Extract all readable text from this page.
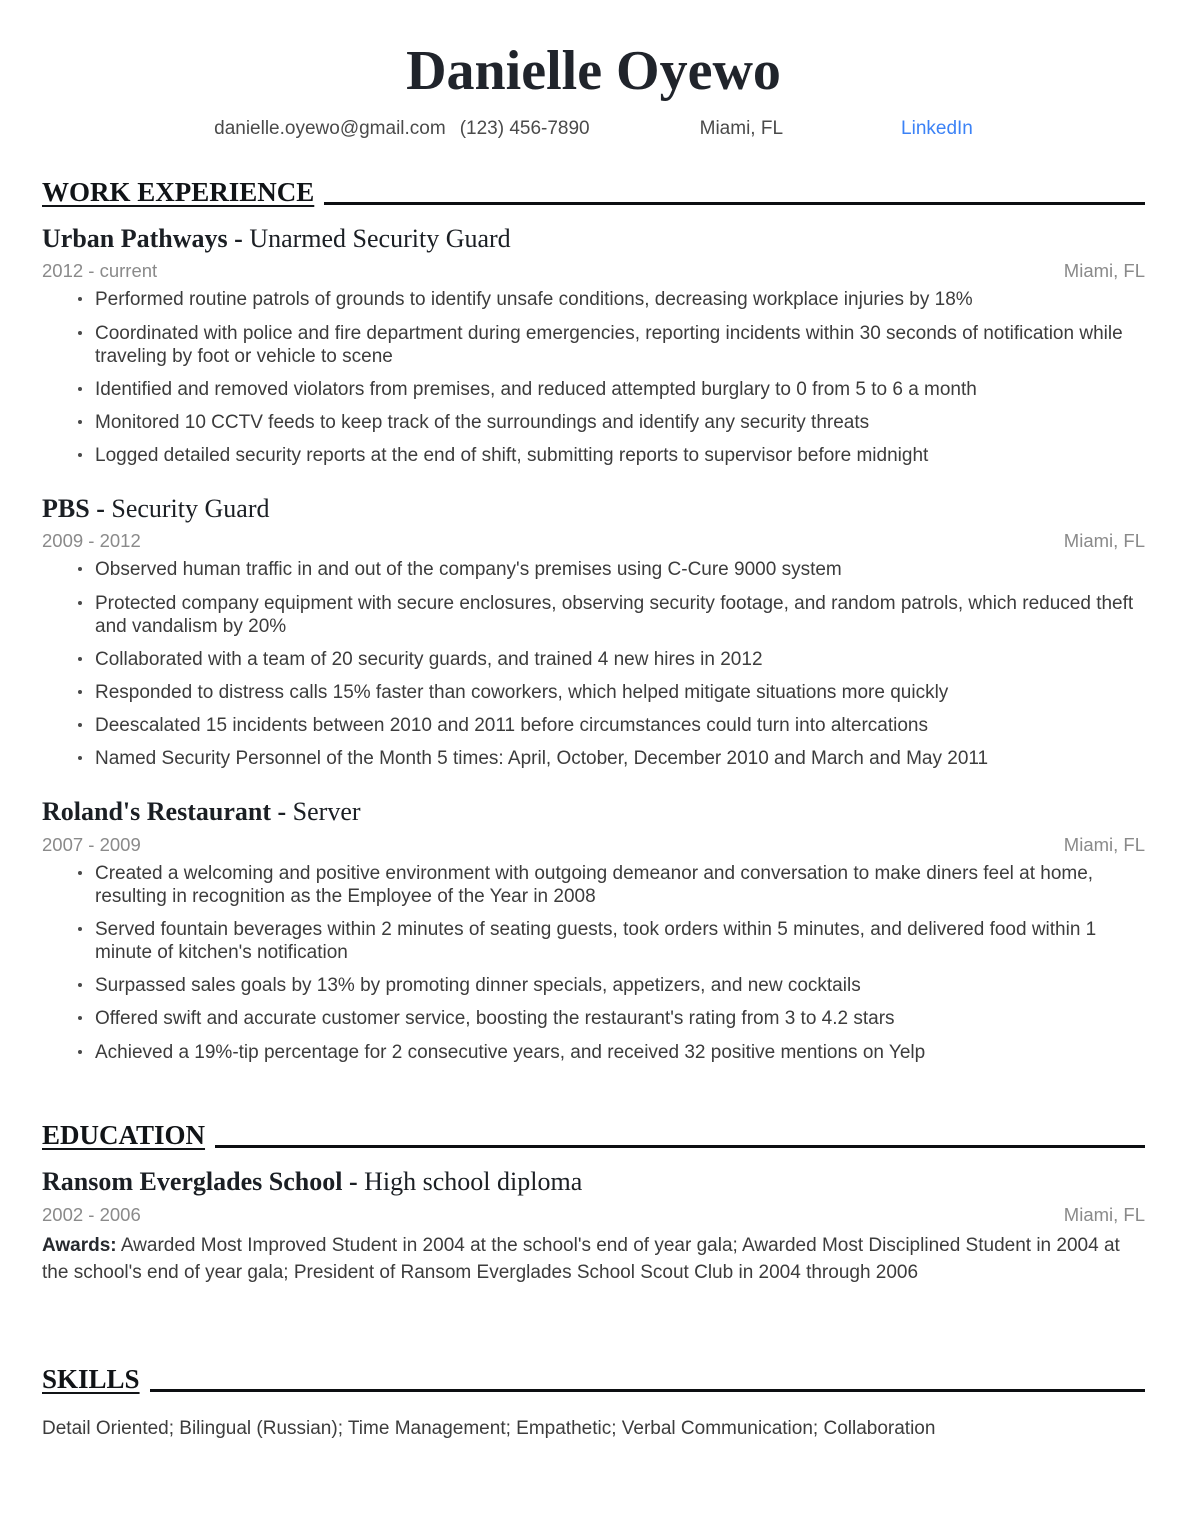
Danielle Oyewo
danielle.oyewo@gmail.com (123) 456-7890	Miami, FL	LinkedIn
WORK EXPERIENCE

Urban Pathways - Unarmed Security Guard

2012 - current	Miami, FL
Performed routine patrols of grounds to identify unsafe conditions, decreasing workplace injuries by 18%
Coordinated with police and fire department during emergencies, reporting incidents within 30 seconds of notification while traveling by foot or vehicle to scene
Identified and removed violators from premises, and reduced attempted burglary to 0 from 5 to 6 a month
Monitored 10 CCTV feeds to keep track of the surroundings and identify any security threats
Logged detailed security reports at the end of shift, submitting reports to supervisor before midnight

PBS - Security Guard

2009 - 2012	Miami, FL
Observed human traffic in and out of the company's premises using C-Cure 9000 system
Protected company equipment with secure enclosures, observing security footage, and random patrols, which reduced theft and vandalism by 20%
Collaborated with a team of 20 security guards, and trained 4 new hires in 2012
Responded to distress calls 15% faster than coworkers, which helped mitigate situations more quickly
Deescalated 15 incidents between 2010 and 2011 before circumstances could turn into altercations
Named Security Personnel of the Month 5 times: April, October, December 2010 and March and May 2011

Roland's Restaurant - Server

2007 - 2009	Miami, FL
Created a welcoming and positive environment with outgoing demeanor and conversation to make diners feel at home, resulting in recognition as the Employee of the Year in 2008
Served fountain beverages within 2 minutes of seating guests, took orders within 5 minutes, and delivered food within 1 minute of kitchen's notification
Surpassed sales goals by 13% by promoting dinner specials, appetizers, and new cocktails
Offered swift and accurate customer service, boosting the restaurant's rating from 3 to 4.2 stars
Achieved a 19%-tip percentage for 2 consecutive years, and received 32 positive mentions on Yelp
EDUCATION

Ransom Everglades School - High school diploma

2002 - 2006	Miami, FL

Awards: Awarded Most Improved Student in 2004 at the school's end of year gala; Awarded Most Disciplined Student in 2004 at the school's end of year gala; President of Ransom Everglades School Scout Club in 2004 through 2006

SKILLS

Detail Oriented; Bilingual (Russian); Time Management; Empathetic; Verbal Communication; Collaboration
